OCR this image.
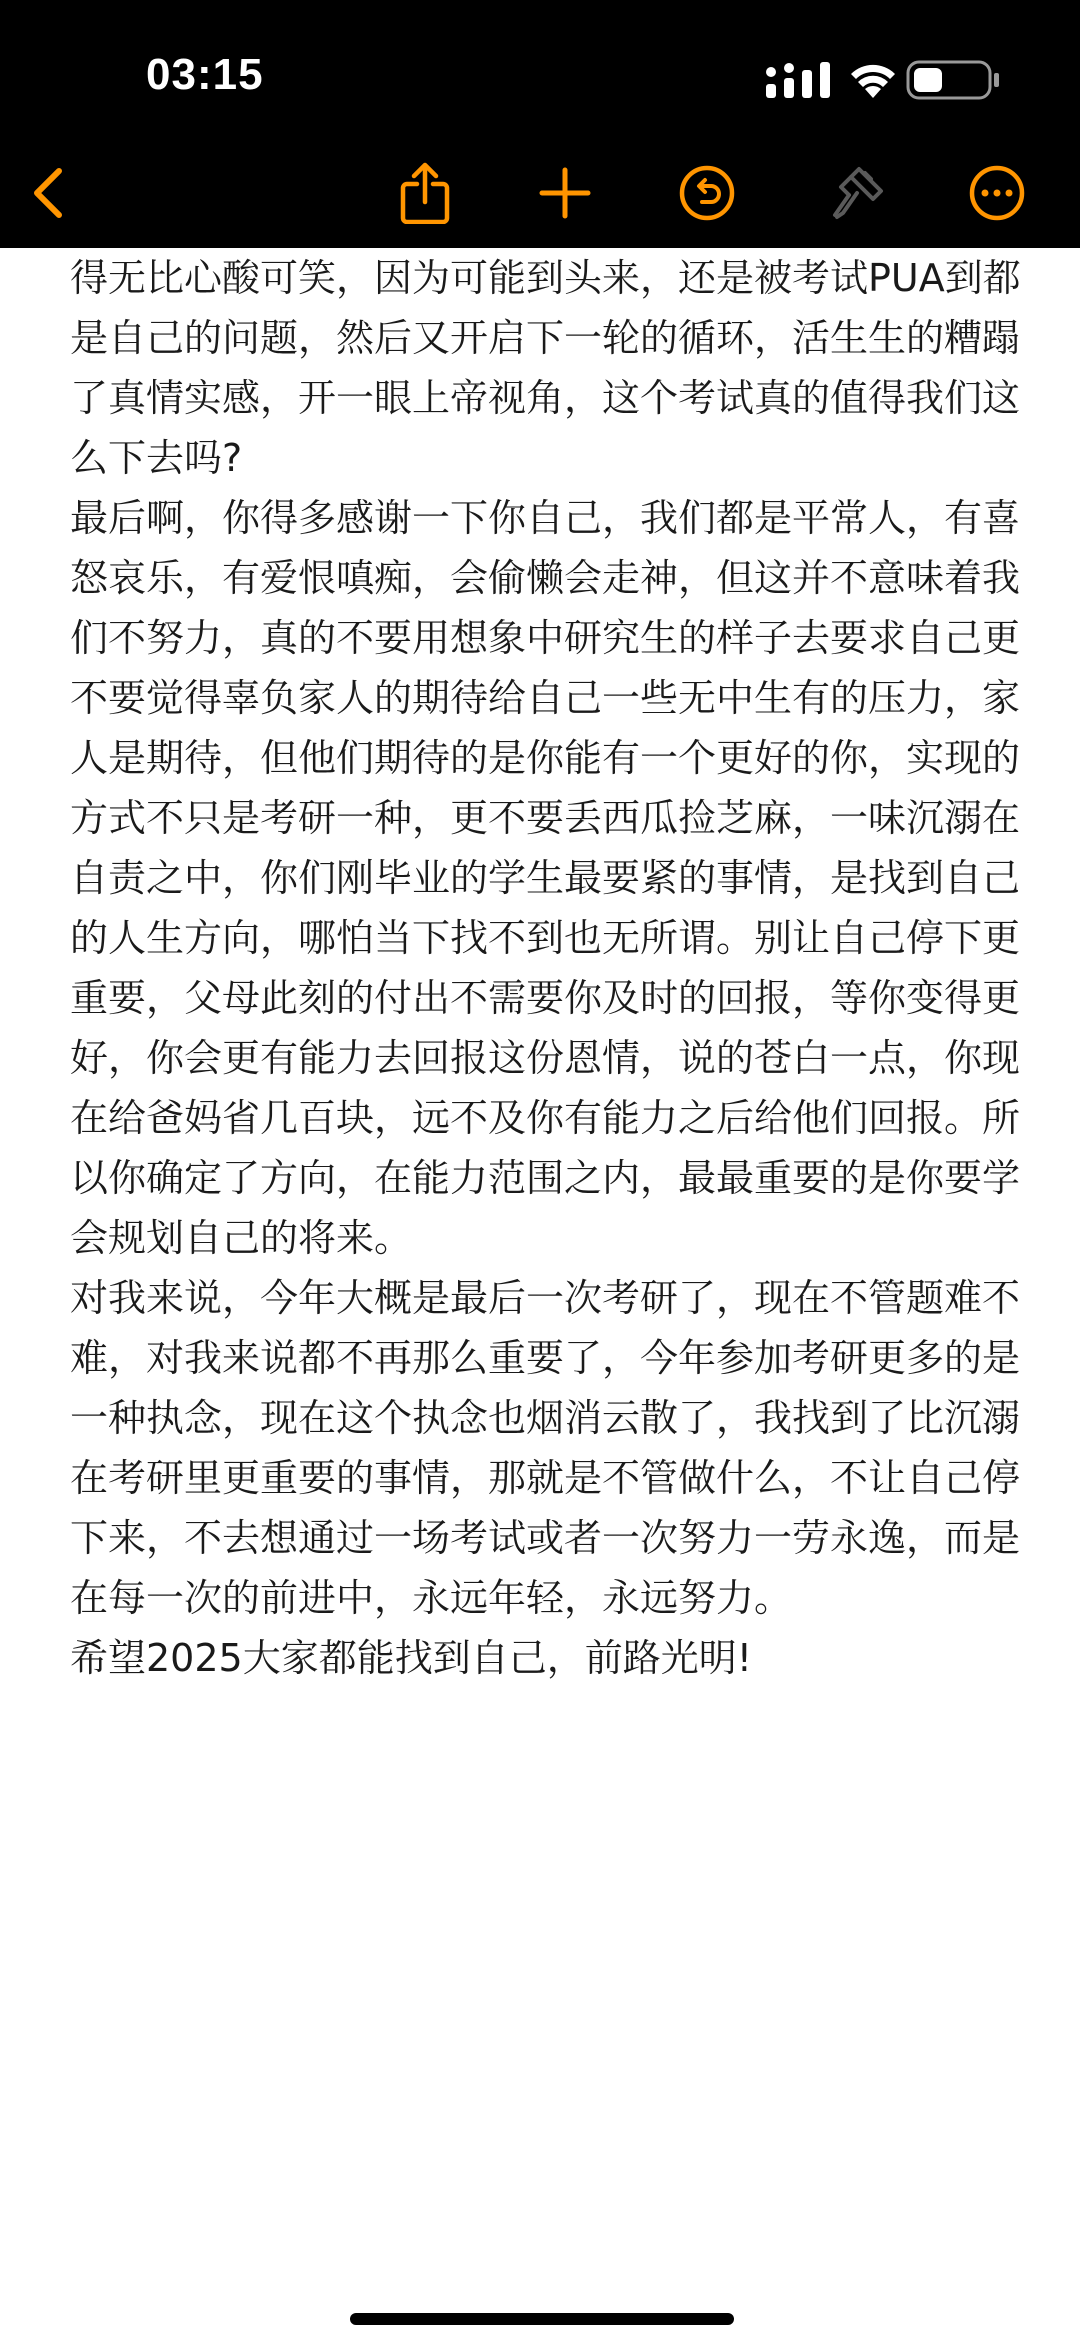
03:15

得无比心酸可笑，因为可能到头来，还是被考试PUA到都是自己的问题，然后又开启下一轮的循环，活生生的糟蹋了真情实感，开一眼上帝视角，这个考试真的值得我们这么下去吗?

最后啊，你得多感谢一下你自己，我们都是平常人，有喜怒哀乐，有爱恨嗔痴，会偷懒会走神，但这并不意味着我们不努力，真的不要用想象中研究生的样子去要求自己更不要觉得辜负家人的期待给自己一些无中生有的压力，家人是期待，但他们期待的是你能有一个更好的你，实现的方式不只是考研一种，更不要丢西瓜捡芝麻，一味沉溺在自责之中，你们刚毕业的学生最要紧的事情，是找到自己的人生方向，哪怕当下找不到也无所谓。别让自己停下更重要，父母此刻的付出不需要你及时的回报，等你变得更好，你会更有能力去回报这份恩情，说的苍白一点，你现在给爸妈省几百块，远不及你有能力之后给他们回报。所以你确定了方向，在能力范围之内，最最重要的是你要学会规划自己的将来。

对我来说，今年大概是最后一次考研了，现在不管题难不难，对我来说都不再那么重要了，今年参加考研更多的是一种执念，现在这个执念也烟消云散了，我找到了比沉溺在考研里更重要的事情，那就是不管做什么，不让自己停下来，不去想通过一场考试或者一次努力一劳永逸，而是在每一次的前进中，永远年轻，永远努力。

希望2025大家都能找到自己，前路光明!
